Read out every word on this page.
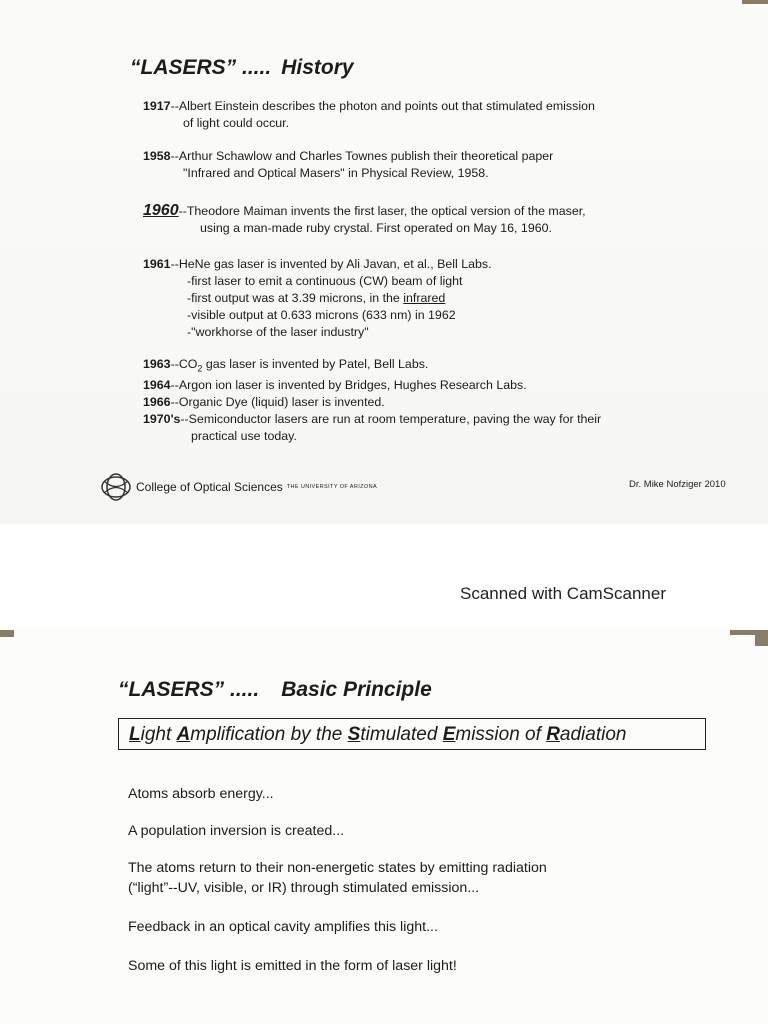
“LASERS” ..... History
1917--Albert Einstein describes the photon and points out that stimulated emission
of light could occur.
1958--Arthur Schawlow and Charles Townes publish their theoretical paper
"Infrared and Optical Masers" in Physical Review, 1958.
1960--Theodore Maiman invents the first laser, the optical version of the maser,
using a man-made ruby crystal. First operated on May 16, 1960.
1961--HeNe gas laser is invented by Ali Javan, et al., Bell Labs.
-first laser to emit a continuous (CW) beam of light
-first output was at 3.39 microns, in the infrared
-visible output at 0.633 microns (633 nm) in 1962
-"workhorse of the laser industry"
$1963--CO_2$ gas laser is invented by Patel, Bell Labs.
1964--Argon ion laser is invented by Bridges, Hughes Research Labs.
1966--Organic Dye (liquid) laser is invented.
1970's--Semiconductor lasers are run at room temperature, paving the way for their
practical use today.
College of Optical Sciences THE UNIVERSITY OF ARIZONA	Dr. Mike Nofziger 2010
Scanned with CamScanner
“LASERS” ..... Basic Principle
Light Amplification by the Stimulated Emission of Radiation
Atoms absorb energy...
A population inversion is created...
The atoms return to their non-energetic states by emitting radiation
(“light”--UV, visible, or IR) through stimulated emission...
Feedback in an optical cavity amplifies this light...
Some of this light is emitted in the form of laser light!
